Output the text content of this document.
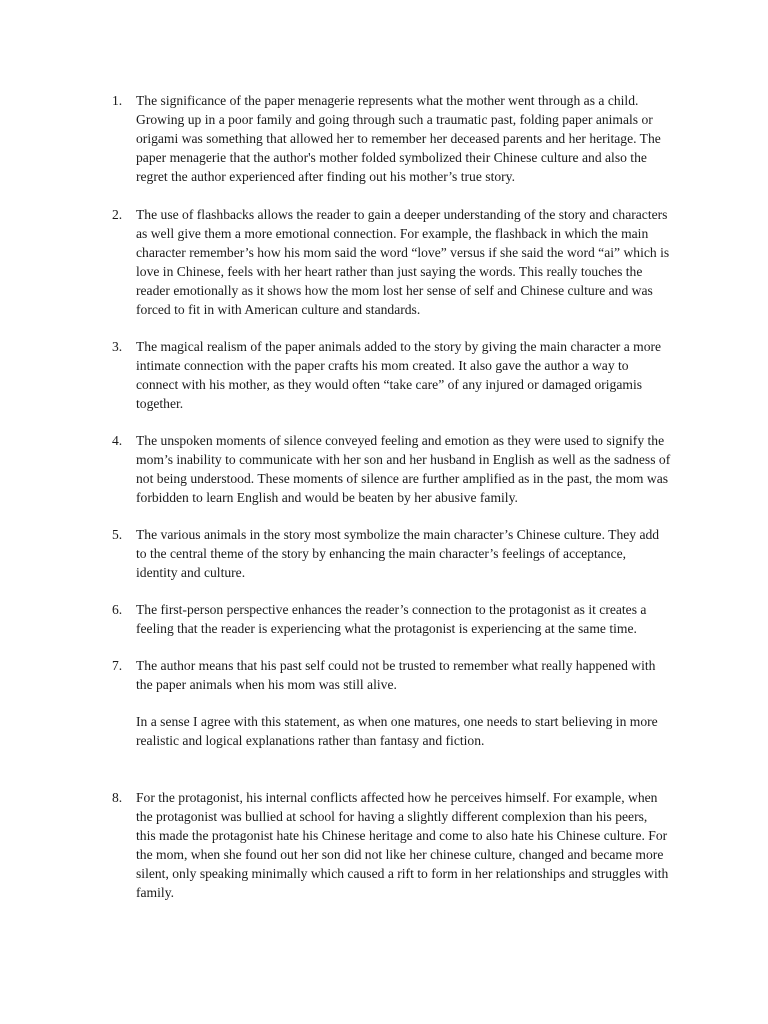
1. The significance of the paper menagerie represents what the mother went through as a child.
Growing up in a poor family and going through such a traumatic past, folding paper animals or
origami was something that allowed her to remember her deceased parents and her heritage. The
paper menagerie that the author's mother folded symbolized their Chinese culture and also the
regret the author experienced after finding out his mother’s true story.

2. The use of flashbacks allows the reader to gain a deeper understanding of the story and characters
as well give them a more emotional connection. For example, the flashback in which the main
character remember’s how his mom said the word “love” versus if she said the word “ai” which is
love in Chinese, feels with her heart rather than just saying the words. This really touches the
reader emotionally as it shows how the mom lost her sense of self and Chinese culture and was
forced to fit in with American culture and standards.

3. The magical realism of the paper animals added to the story by giving the main character a more
intimate connection with the paper crafts his mom created. It also gave the author a way to
connect with his mother, as they would often “take care” of any injured or damaged origamis
together.

4. The unspoken moments of silence conveyed feeling and emotion as they were used to signify the
mom’s inability to communicate with her son and her husband in English as well as the sadness of
not being understood. These moments of silence are further amplified as in the past, the mom was
forbidden to learn English and would be beaten by her abusive family.

5. The various animals in the story most symbolize the main character’s Chinese culture. They add
to the central theme of the story by enhancing the main character’s feelings of acceptance,
identity and culture.

6. The first-person perspective enhances the reader’s connection to the protagonist as it creates a
feeling that the reader is experiencing what the protagonist is experiencing at the same time.

7. The author means that his past self could not be trusted to remember what really happened with
the paper animals when his mom was still alive.

In a sense I agree with this statement, as when one matures, one needs to start believing in more
realistic and logical explanations rather than fantasy and fiction.

8. For the protagonist, his internal conflicts affected how he perceives himself. For example, when
the protagonist was bullied at school for having a slightly different complexion than his peers,
this made the protagonist hate his Chinese heritage and come to also hate his Chinese culture. For
the mom, when she found out her son did not like her chinese culture, changed and became more
silent, only speaking minimally which caused a rift to form in her relationships and struggles with
family.
